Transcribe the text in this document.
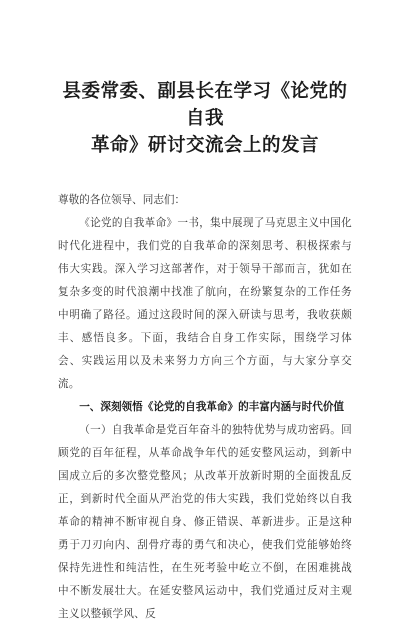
县委常委、副县长在学习《论党的自我
革命》研讨交流会上的发言

尊敬的各位领导、同志们：

《论党的自我革命》一书，集中展现了马克思主义中国化时代化进程中，我们党的自我革命的深刻思考、积极探索与伟大实践。深入学习这部著作，对于领导干部而言，犹如在复杂多变的时代浪潮中找准了航向，在纷繁复杂的工作任务中明确了路径。通过这段时间的深入研读与思考，我收获颇丰、感悟良多。下面，我结合自身工作实际，围绕学习体会、实践运用以及未来努力方向三个方面，与大家分享交流。

一、深刻领悟《论党的自我革命》的丰富内涵与时代价值

（一）自我革命是党百年奋斗的独特优势与成功密码。回顾党的百年征程，从革命战争年代的延安整风运动，到新中国成立后的多次整党整风；从改革开放新时期的全面拨乱反正，到新时代全面从严治党的伟大实践，我们党始终以自我革命的精神不断审视自身、修正错误、革新进步。正是这种勇于刀刃向内、刮骨疗毒的勇气和决心，使我们党能够始终保持先进性和纯洁性，在生死考验中屹立不倒，在困难挑战中不断发展壮大。在延安整风运动中，我们党通过反对主观主义以整顿学风、反
